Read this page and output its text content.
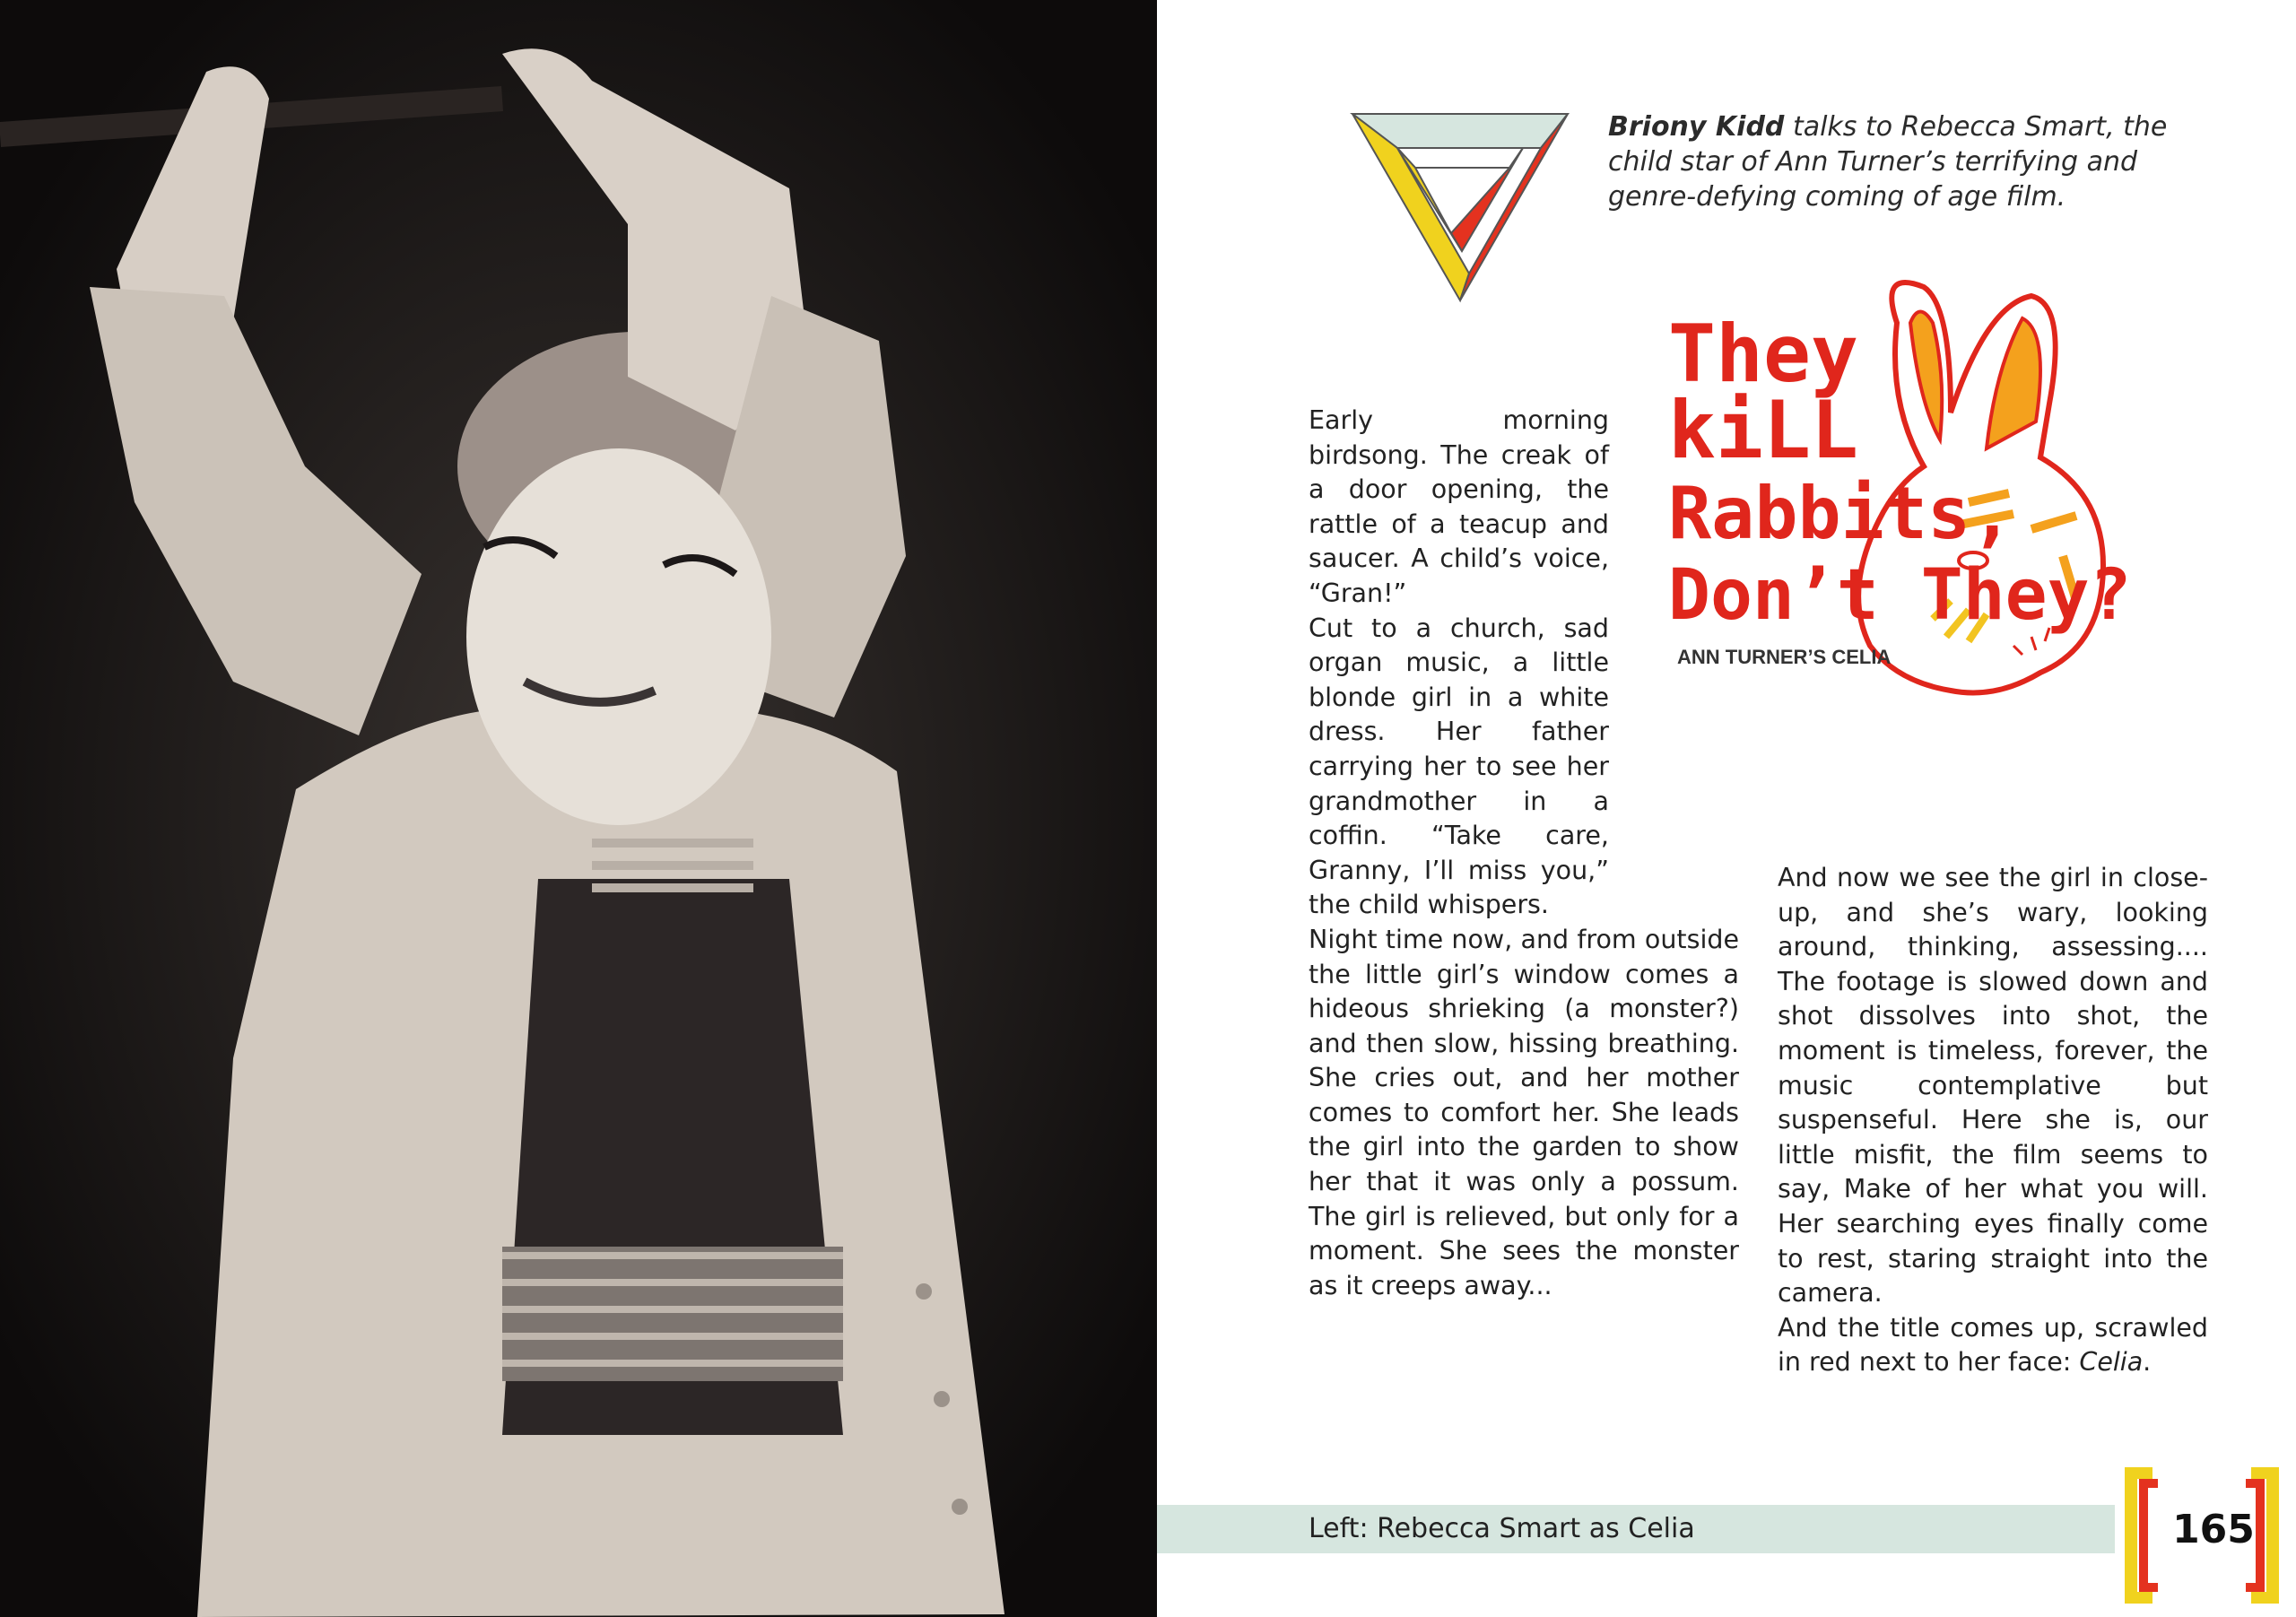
Briony Kidd talks to Rebecca Smart, the child star of Ann Turner’s terrifying and genre-defying coming of age film.
They
kiLL
Rabbits,
Don’t They?
ANN TURNER’S CELIA

Early morning birdsong. The creak of a door opening, the rattle of a teacup and saucer. A child’s voice, “Gran!”

Cut to a church, sad organ music, a little blonde girl in a white dress. Her father carrying her to see her grandmother in a coffin. “Take care, Granny, I’ll miss you,” the child whispers.

Night time now, and from outside the little girl’s window comes a hideous shrieking (a monster?) and then slow, hissing breathing. She cries out, and her mother comes to comfort her. She leads the girl into the garden to show her that it was only a possum. The girl is relieved, but only for a moment. She sees the monster as it creeps away...

And now we see the girl in close-up, and she’s wary, looking around, thinking, assessing.... The footage is slowed down and shot dissolves into shot, the moment is timeless, forever, the music contemplative but suspenseful. Here she is, our little misfit, the film seems to say, Make of her what you will. Her searching eyes finally come to rest, staring straight into the camera.

And the title comes up, scrawled in red next to her face: Celia.

Left: Rebecca Smart as Celia	165
